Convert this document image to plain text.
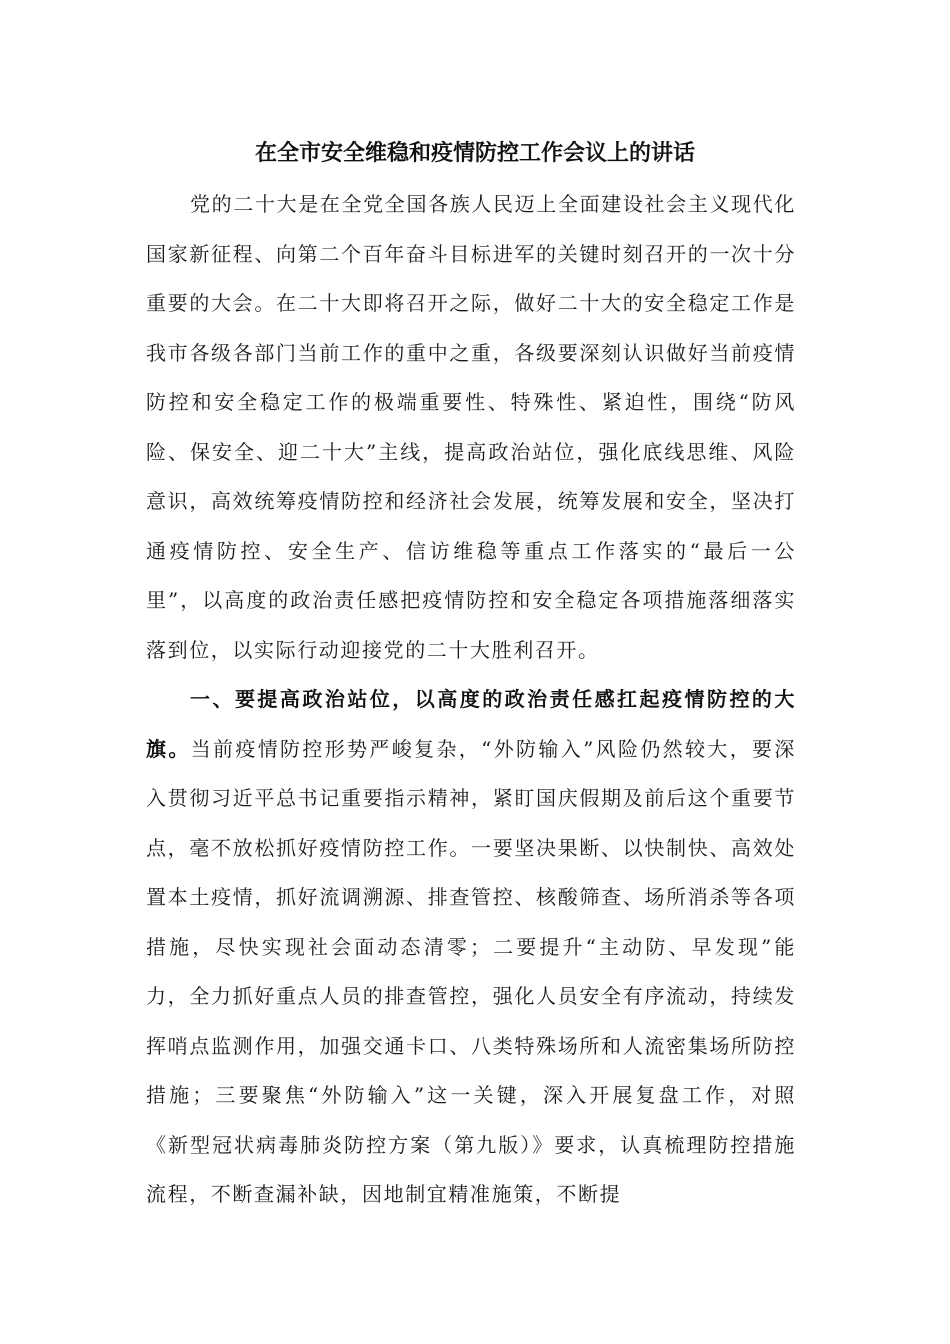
在全市安全维稳和疫情防控工作会议上的讲话

党的二十大是在全党全国各族人民迈上全面建设社会主义现代化国家新征程、向第二个百年奋斗目标进军的关键时刻召开的一次十分重要的大会。在二十大即将召开之际，做好二十大的安全稳定工作是我市各级各部门当前工作的重中之重，各级要深刻认识做好当前疫情防控和安全稳定工作的极端重要性、特殊性、紧迫性，围绕“防风险、保安全、迎二十大”主线，提高政治站位，强化底线思维、风险意识，高效统筹疫情防控和经济社会发展，统筹发展和安全，坚决打通疫情防控、安全生产、信访维稳等重点工作落实的“最后一公里”，以高度的政治责任感把疫情防控和安全稳定各项措施落细落实落到位，以实际行动迎接党的二十大胜利召开。

一、要提高政治站位，以高度的政治责任感扛起疫情防控的大旗。当前疫情防控形势严峻复杂，“外防输入”风险仍然较大，要深入贯彻习近平总书记重要指示精神，紧盯国庆假期及前后这个重要节点，毫不放松抓好疫情防控工作。一要坚决果断、以快制快、高效处置本土疫情，抓好流调溯源、排查管控、核酸筛查、场所消杀等各项措施，尽快实现社会面动态清零；二要提升“主动防、早发现”能力，全力抓好重点人员的排查管控，强化人员安全有序流动，持续发挥哨点监测作用，加强交通卡口、八类特殊场所和人流密集场所防控措施；三要聚焦“外防输入”这一关键，深入开展复盘工作，对照《新型冠状病毒肺炎防控方案（第九版）》要求，认真梳理防控措施流程，不断查漏补缺，因地制宜精准施策，不断提
